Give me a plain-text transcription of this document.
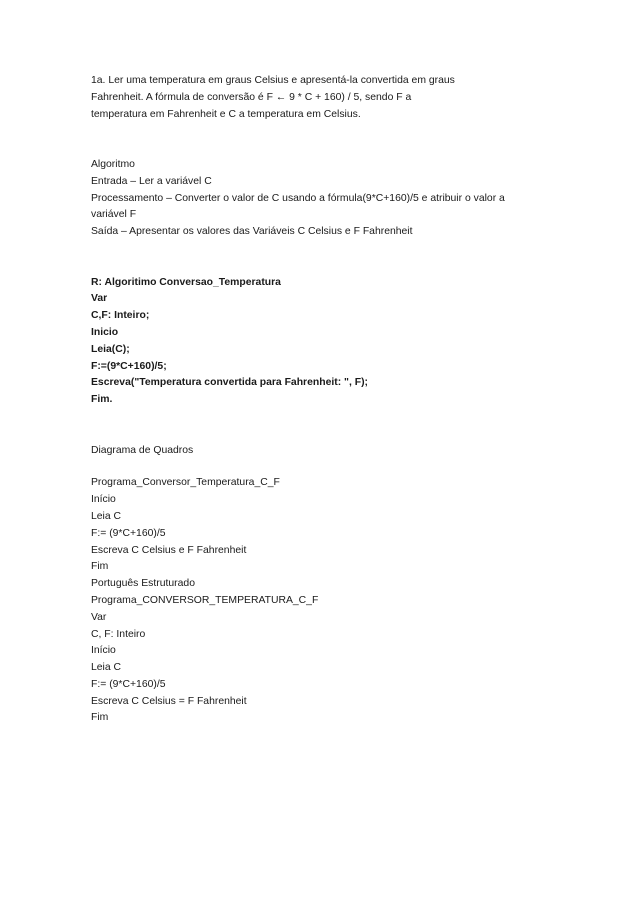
1a. Ler uma temperatura em graus Celsius e apresentá-la convertida em graus
Fahrenheit. A fórmula de conversão é F ← 9 * C + 160) / 5, sendo F a
temperatura em Fahrenheit e C a temperatura em Celsius.
Algoritmo
Entrada – Ler a variável C
Processamento – Converter o valor de C usando a fórmula(9*C+160)/5 e atribuir o valor a
variável F
Saída – Apresentar os valores das Variáveis C Celsius e F Fahrenheit
R: Algoritimo Conversao_Temperatura
Var
C,F: Inteiro;
Inicio
Leia(C);
F:=(9*C+160)/5;
Escreva("Temperatura convertida para Fahrenheit: ", F);
Fim.
Diagrama de Quadros
Programa_Conversor_Temperatura_C_F
Início
Leia C
F:= (9*C+160)/5
Escreva C Celsius e F Fahrenheit
Fim
Português Estruturado
Programa_CONVERSOR_TEMPERATURA_C_F
Var
C, F: Inteiro
Início
Leia C
F:= (9*C+160)/5
Escreva C Celsius = F Fahrenheit
Fim
